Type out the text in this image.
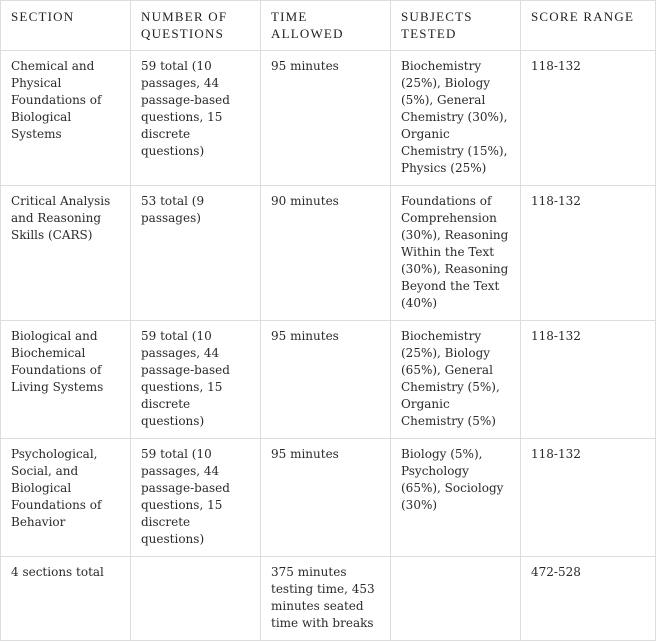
SECTION	NUMBER OF QUESTIONS	TIME ALLOWED	SUBJECTS TESTED	SCORE RANGE
Chemical and Physical Foundations of Biological Systems	59 total (10 passages, 44 passage-based questions, 15 discrete questions)	95 minutes	Biochemistry (25%), Biology (5%), General Chemistry (30%), Organic Chemistry (15%), Physics (25%)	118-132
Critical Analysis and Reasoning Skills (CARS)	53 total (9 passages)	90 minutes	Foundations of Comprehension (30%), Reasoning Within the Text (30%), Reasoning Beyond the Text (40%)	118-132
Biological and Biochemical Foundations of Living Systems	59 total (10 passages, 44 passage-based questions, 15 discrete questions)	95 minutes	Biochemistry (25%), Biology (65%), General Chemistry (5%), Organic Chemistry (5%)	118-132
Psychological, Social, and Biological Foundations of Behavior	59 total (10 passages, 44 passage-based questions, 15 discrete questions)	95 minutes	Biology (5%), Psychology (65%), Sociology (30%)	118-132
4 sections total		375 minutes testing time, 453 minutes seated time with breaks		472-528
